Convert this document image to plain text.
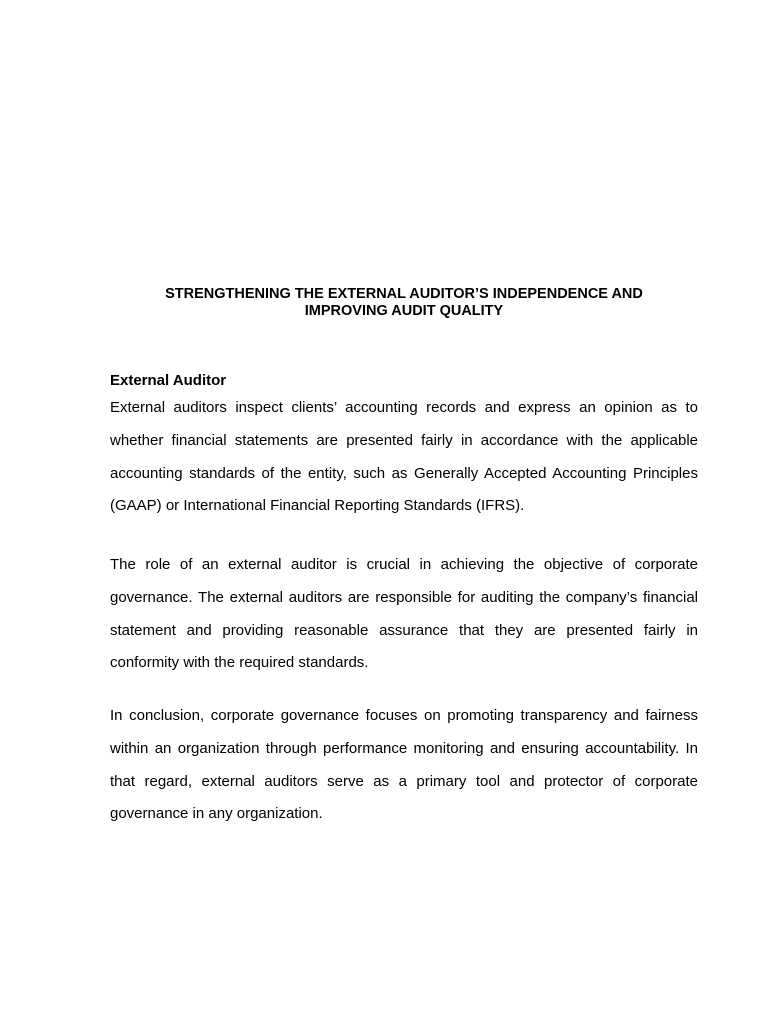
STRENGTHENING THE EXTERNAL AUDITOR’S INDEPENDENCE AND
IMPROVING AUDIT QUALITY
External Auditor

External auditors inspect clients’ accounting records and express an opinion as to whether financial statements are presented fairly in accordance with the applicable accounting standards of the entity, such as Generally Accepted Accounting Principles (GAAP) or International Financial Reporting Standards (IFRS).

The role of an external auditor is crucial in achieving the objective of corporate governance. The external auditors are responsible for auditing the company’s financial statement and providing reasonable assurance that they are presented fairly in conformity with the required standards.

In conclusion, corporate governance focuses on promoting transparency and fairness within an organization through performance monitoring and ensuring accountability. In that regard, external auditors serve as a primary tool and protector of corporate governance in any organization.
